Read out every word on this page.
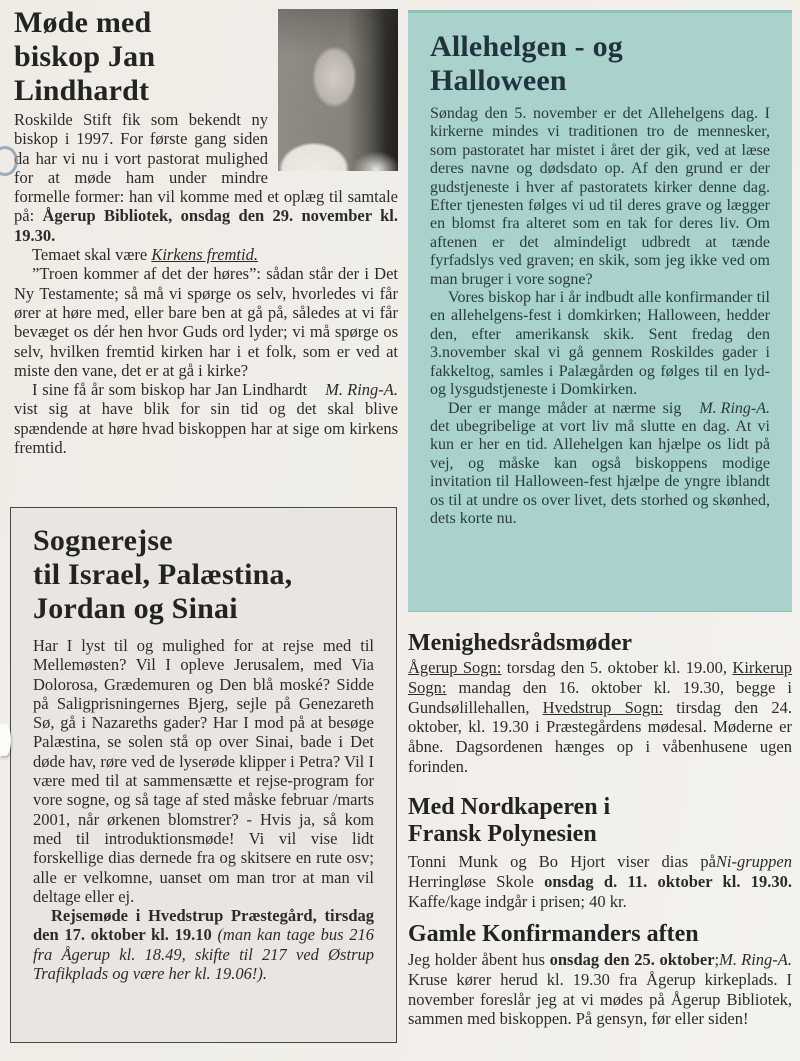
Møde med
biskop Jan
Lindhardt

Roskilde Stift fik som bekendt ny biskop i 1997. For første gang siden da har vi nu i vort pastorat mulighed for at møde ham under mindre formelle former: han vil komme med et oplæg til samtale på: Ågerup Bibliotek, onsdag den 29. november kl. 19.30.

Temaet skal være Kirkens fremtid.

”Troen kommer af det der høres”: sådan står der i Det Ny Testamente; så må vi spørge os selv, hvorledes vi får ører at høre med, eller bare ben at gå på, således at vi får bevæget os dér hen hvor Guds ord lyder; vi må spørge os selv, hvilken fremtid kirken har i et folk, som er ved at miste den vane, det er at gå i kirke?

M. Ring-A.
I sine få år som biskop har Jan Lindhardt vist sig at have blik for sin tid og det skal blive spændende at høre hvad biskoppen har at sige om kirkens fremtid.

Sognerejse
til Israel, Palæstina,
Jordan og Sinai

Har I lyst til og mulighed for at rejse med til Mellemøsten? Vil I opleve Jerusalem, med Via Dolorosa, Grædemuren og Den blå moské? Sidde på Saligprisningernes Bjerg, sejle på Genezareth Sø, gå i Nazareths gader? Har I mod på at besøge Palæstina, se solen stå op over Sinai, bade i Det døde hav, røre ved de lyserøde klipper i Petra? Vil I være med til at sammensætte et rejse-program for vore sogne, og så tage af sted måske februar /marts 2001, når ørkenen blomstrer? - Hvis ja, så kom med til introduktionsmøde! Vi vil vise lidt forskellige dias dernede fra og skitsere en rute osv; alle er velkomne, uanset om man tror at man vil deltage eller ej.

Rejsemøde i Hvedstrup Præstegård, tirsdag den 17. oktober kl. 19.10 (man kan tage bus 216 fra Ågerup kl. 18.49, skifte til 217 ved Østrup Trafikplads og være her kl. 19.06!).

Allehelgen - og
Halloween

Søndag den 5. november er det Allehelgens dag. I kirkerne mindes vi traditionen tro de mennesker, som pastoratet har mistet i året der gik, ved at læse deres navne og dødsdato op. Af den grund er der gudstjeneste i hver af pastoratets kirker denne dag. Efter tjenesten følges vi ud til deres grave og lægger en blomst fra alteret som en tak for deres liv. Om aftenen er det almindeligt udbredt at tænde fyrfadslys ved graven; en skik, som jeg ikke ved om man bruger i vore sogne?

Vores biskop har i år indbudt alle konfirmander til en allehelgens-fest i domkirken; Halloween, hedder den, efter amerikansk skik. Sent fredag den 3.november skal vi gå gennem Roskildes gader i fakkeltog, samles i Palægården og følges til en lyd- og lysgudstjeneste i Domkirken.

M. Ring-A.
Der er mange måder at nærme sig det ubegribelige at vort liv må slutte en dag. At vi kun er her en tid. Allehelgen kan hjælpe os lidt på vej, og måske kan også biskoppens modige invitation til Halloween-fest hjælpe de yngre iblandt os til at undre os over livet, dets storhed og skønhed, dets korte nu.

Menighedsrådsmøder

Ågerup Sogn: torsdag den 5. oktober kl. 19.00, Kirkerup Sogn: mandag den 16. oktober kl. 19.30, begge i Gundsølillehallen, Hvedstrup Sogn: tirsdag den 24. oktober, kl. 19.30 i Præstegårdens mødesal. Møderne er åbne. Dagsordenen hænges op i våbenhusene ugen forinden.

Med Nordkaperen i
Fransk Polynesien

Ni-gruppen
Tonni Munk og Bo Hjort viser dias på Herringløse Skole onsdag d. 11. oktober kl. 19.30. Kaffe/kage indgår i prisen; 40 kr.

Gamle Konfirmanders aften

M. Ring-A.
Jeg holder åbent hus onsdag den 25. oktober; Kruse kører herud kl. 19.30 fra Ågerup kirkeplads. I november foreslår jeg at vi mødes på Ågerup Bibliotek, sammen med biskoppen. På gensyn, før eller siden!
